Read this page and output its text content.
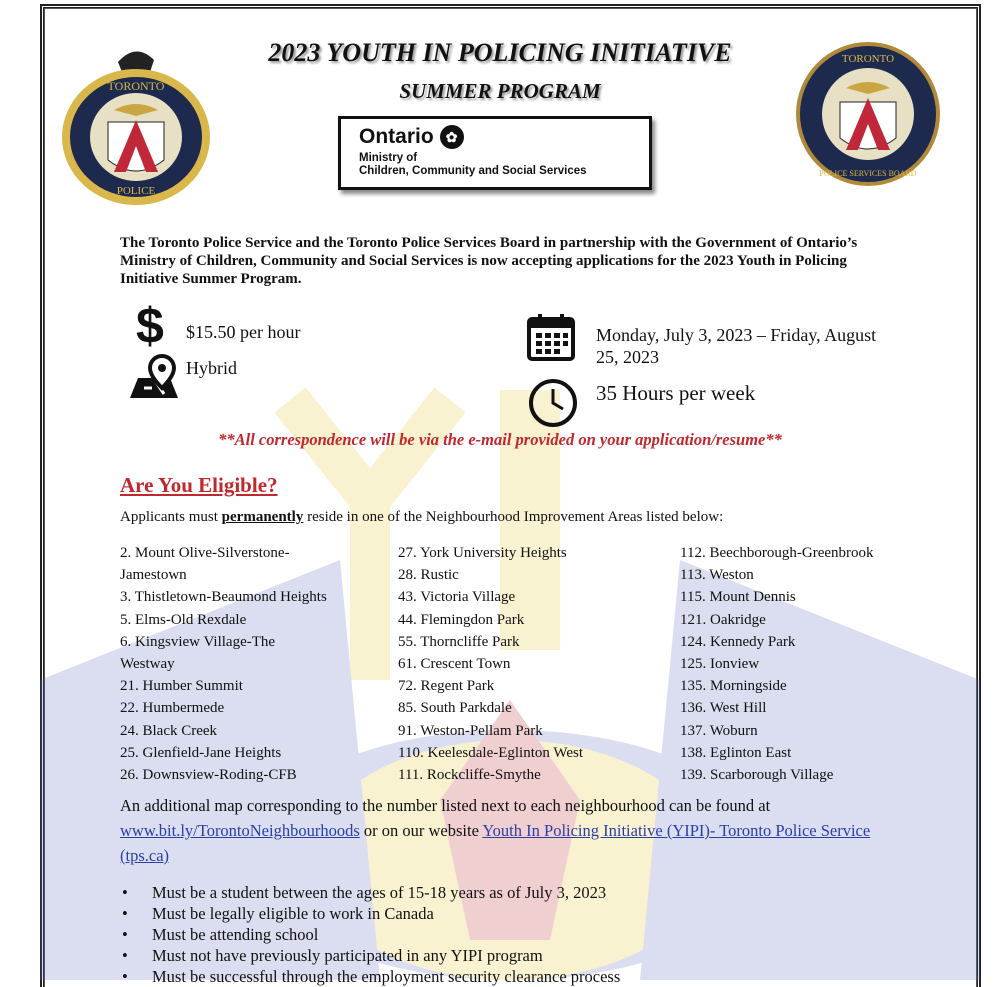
TORONTO
POLICE
TORONTO
POLICE SERVICES BOARD
2023 YOUTH IN POLICING INITIATIVE
SUMMER PROGRAM
Ontario ✿
Ministry of
Children, Community and Social Services
The Toronto Police Service and the Toronto Police Services Board in partnership with the Government of Ontario’s Ministry of Children, Community and Social Services is now accepting applications for the 2023 Youth in Policing Initiative Summer Program.
$ $15.50 per hour
Hybrid
Monday, July 3, 2023 – Friday, August
25, 2023
35 Hours per week
**All correspondence will be via the e-mail provided on your application/resume**
Are You Eligible?
Applicants must permanently reside in one of the Neighbourhood Improvement Areas listed below:
2. Mount Olive-Silverstone-
Jamestown
3. Thistletown-Beaumond Heights
5. Elms-Old Rexdale
6. Kingsview Village-The
Westway
21. Humber Summit
22. Humbermede
24. Black Creek
25. Glenfield-Jane Heights
26. Downsview-Roding-CFB
27. York University Heights
28. Rustic
43. Victoria Village
44. Flemingdon Park
55. Thorncliffe Park
61. Crescent Town
72. Regent Park
85. South Parkdale
91. Weston-Pellam Park
110. Keelesdale-Eglinton West
111. Rockcliffe-Smythe
112. Beechborough-Greenbrook
113. Weston
115. Mount Dennis
121. Oakridge
124. Kennedy Park
125. Ionview
135. Morningside
136. West Hill
137. Woburn
138. Eglinton East
139. Scarborough Village
An additional map corresponding to the number listed next to each neighbourhood can be found at
www.bit.ly/TorontoNeighbourhoods or on our website Youth In Policing Initiative (YIPI)- Toronto Police Service (tps.ca)
• Must be a student between the ages of 15-18 years as of July 3, 2023
• Must be legally eligible to work in Canada
• Must be attending school
• Must not have previously participated in any YIPI program
• Must be successful through the employment security clearance process
